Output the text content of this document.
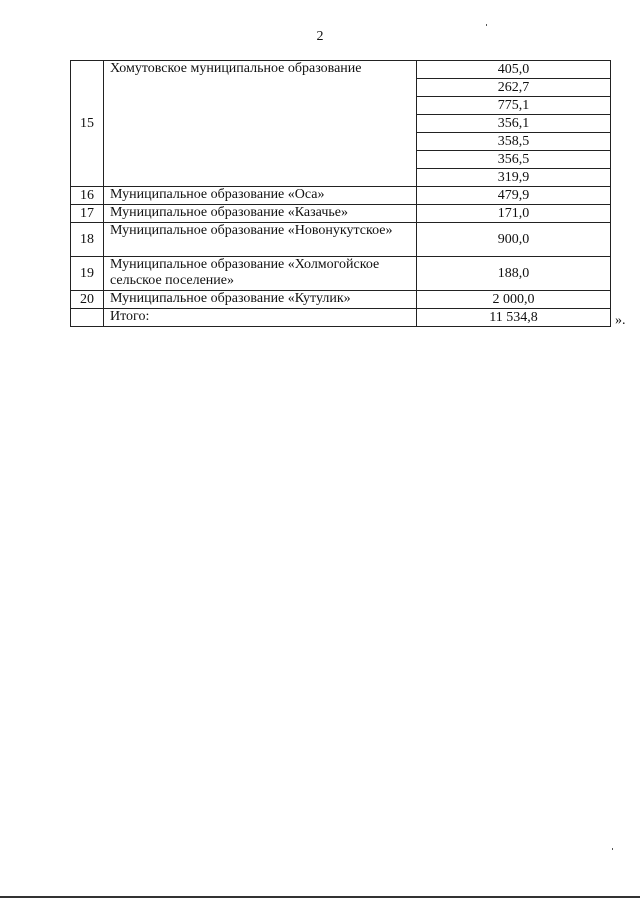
2
15	Хомутовское муниципальное образование	405,0
		262,7
		775,1
		356,1
		358,5
		356,5
		319,9
16	Муниципальное образование «Оса»	479,9
17	Муниципальное образование «Казачье»	171,0
18	Муниципальное образование «Новонукутское»	900,0
19	Муниципальное образование «Холмогойское сельское поселение»	188,0
20	Муниципальное образование «Кутулик»	2 000,0
	Итого:	11 534,8	».
